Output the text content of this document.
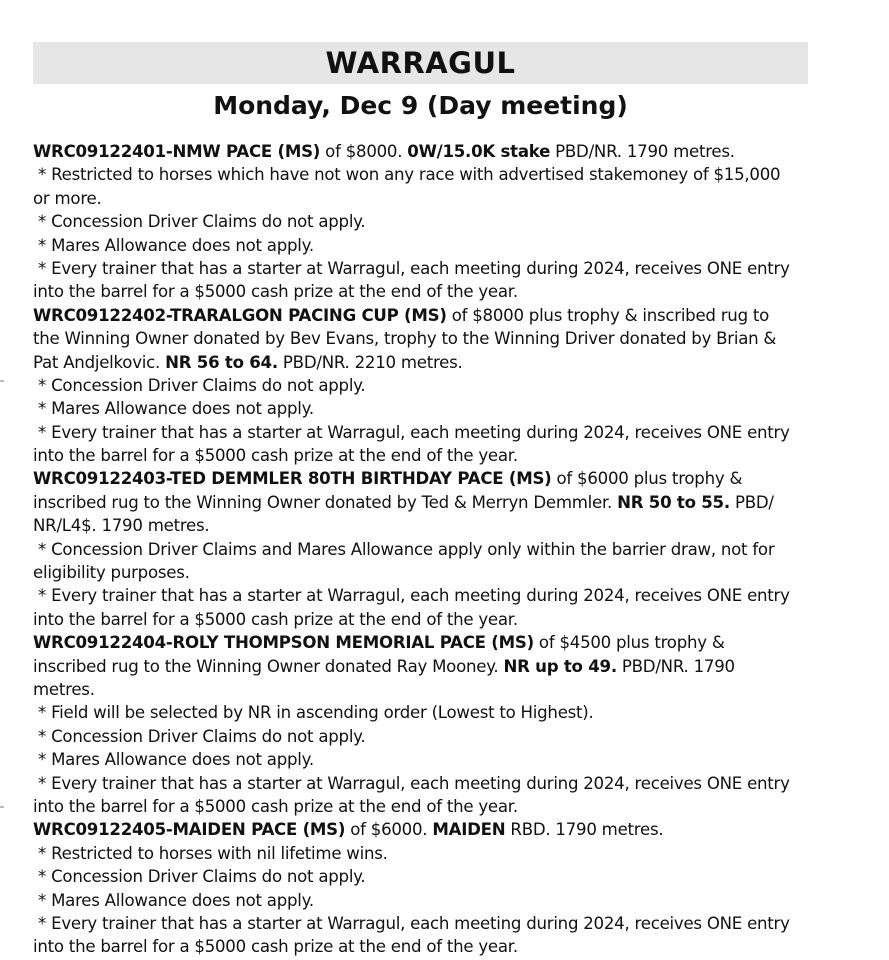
WARRAGUL
Monday, Dec 9 (Day meeting)
WRC09122401-NMW PACE (MS) of $8000. 0W/15.0K stake PBD/NR. 1790 metres.
* Restricted to horses which have not won any race with advertised stakemoney of $15,000
or more.
* Concession Driver Claims do not apply.
* Mares Allowance does not apply.
* Every trainer that has a starter at Warragul, each meeting during 2024, receives ONE entry
into the barrel for a $5000 cash prize at the end of the year.
WRC09122402-TRARALGON PACING CUP (MS) of $8000 plus trophy & inscribed rug to
the Winning Owner donated by Bev Evans, trophy to the Winning Driver donated by Brian &
Pat Andjelkovic. NR 56 to 64. PBD/NR. 2210 metres.
* Concession Driver Claims do not apply.
* Mares Allowance does not apply.
* Every trainer that has a starter at Warragul, each meeting during 2024, receives ONE entry
into the barrel for a $5000 cash prize at the end of the year.
WRC09122403-TED DEMMLER 80TH BIRTHDAY PACE (MS) of $6000 plus trophy &
inscribed rug to the Winning Owner donated by Ted & Merryn Demmler. NR 50 to 55. PBD/
NR/L4$. 1790 metres.
* Concession Driver Claims and Mares Allowance apply only within the barrier draw, not for
eligibility purposes.
* Every trainer that has a starter at Warragul, each meeting during 2024, receives ONE entry
into the barrel for a $5000 cash prize at the end of the year.
WRC09122404-ROLY THOMPSON MEMORIAL PACE (MS) of $4500 plus trophy &
inscribed rug to the Winning Owner donated Ray Mooney. NR up to 49. PBD/NR. 1790
metres.
* Field will be selected by NR in ascending order (Lowest to Highest).
* Concession Driver Claims do not apply.
* Mares Allowance does not apply.
* Every trainer that has a starter at Warragul, each meeting during 2024, receives ONE entry
into the barrel for a $5000 cash prize at the end of the year.
WRC09122405-MAIDEN PACE (MS) of $6000. MAIDEN RBD. 1790 metres.
* Restricted to horses with nil lifetime wins.
* Concession Driver Claims do not apply.
* Mares Allowance does not apply.
* Every trainer that has a starter at Warragul, each meeting during 2024, receives ONE entry
into the barrel for a $5000 cash prize at the end of the year.
